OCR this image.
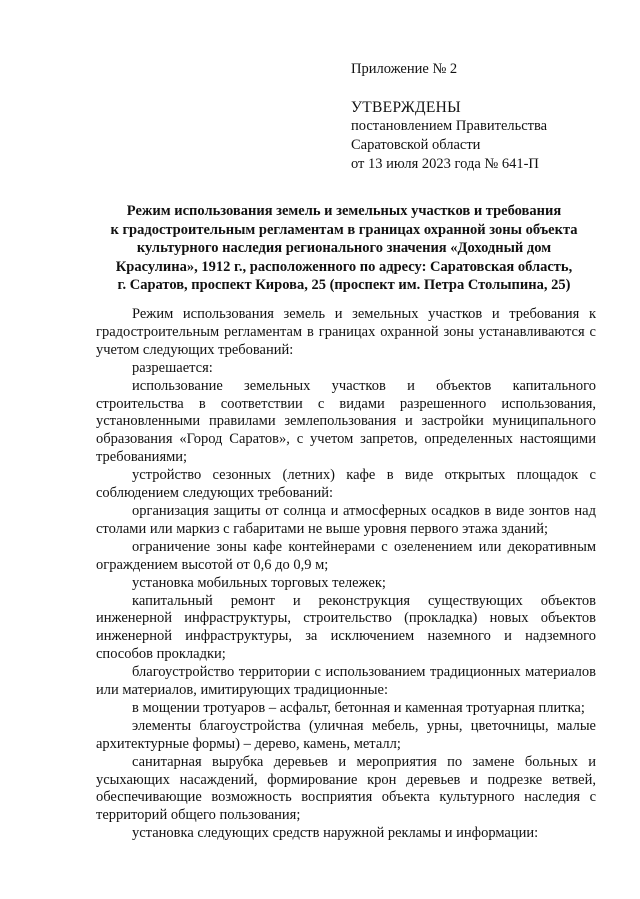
Приложение № 2

УТВЕРЖДЕНЫ

постановлением Правительства

Саратовской области

от 13 июля 2023 года № 641-П

Режим использования земель и земельных участков и требования
к градостроительным регламентам в границах охранной зоны объекта
культурного наследия регионального значения «Доходный дом
Красулина», 1912 г., расположенного по адресу: Саратовская область,
г. Саратов, проспект Кирова, 25 (проспект им. Петра Столыпина, 25)

Режим использования земель и земельных участков и требования к градостроительным регламентам в границах охранной зоны устанавливаются с учетом следующих требований:

разрешается:

использование земельных участков и объектов капитального строительства в соответствии с видами разрешенного использования, установленными правилами землепользования и застройки муниципального образования «Город Саратов», с учетом запретов, определенных настоящими требованиями;

устройство сезонных (летних) кафе в виде открытых площадок с соблюдением следующих требований:

организация защиты от солнца и атмосферных осадков в виде зонтов над столами или маркиз с габаритами не выше уровня первого этажа зданий;

ограничение зоны кафе контейнерами с озеленением или декоративным ограждением высотой от 0,6 до 0,9 м;

установка мобильных торговых тележек;

капитальный ремонт и реконструкция существующих объектов инженерной инфраструктуры, строительство (прокладка) новых объектов инженерной инфраструктуры, за исключением наземного и надземного способов прокладки;

благоустройство территории с использованием традиционных материалов или материалов, имитирующих традиционные:

в мощении тротуаров – асфальт, бетонная и каменная тротуарная плитка;

элементы благоустройства (уличная мебель, урны, цветочницы, малые архитектурные формы) – дерево, камень, металл;

санитарная вырубка деревьев и мероприятия по замене больных и усыхающих насаждений, формирование крон деревьев и подрезке ветвей, обеспечивающие возможность восприятия объекта культурного наследия с территорий общего пользования;

установка следующих средств наружной рекламы и информации:
